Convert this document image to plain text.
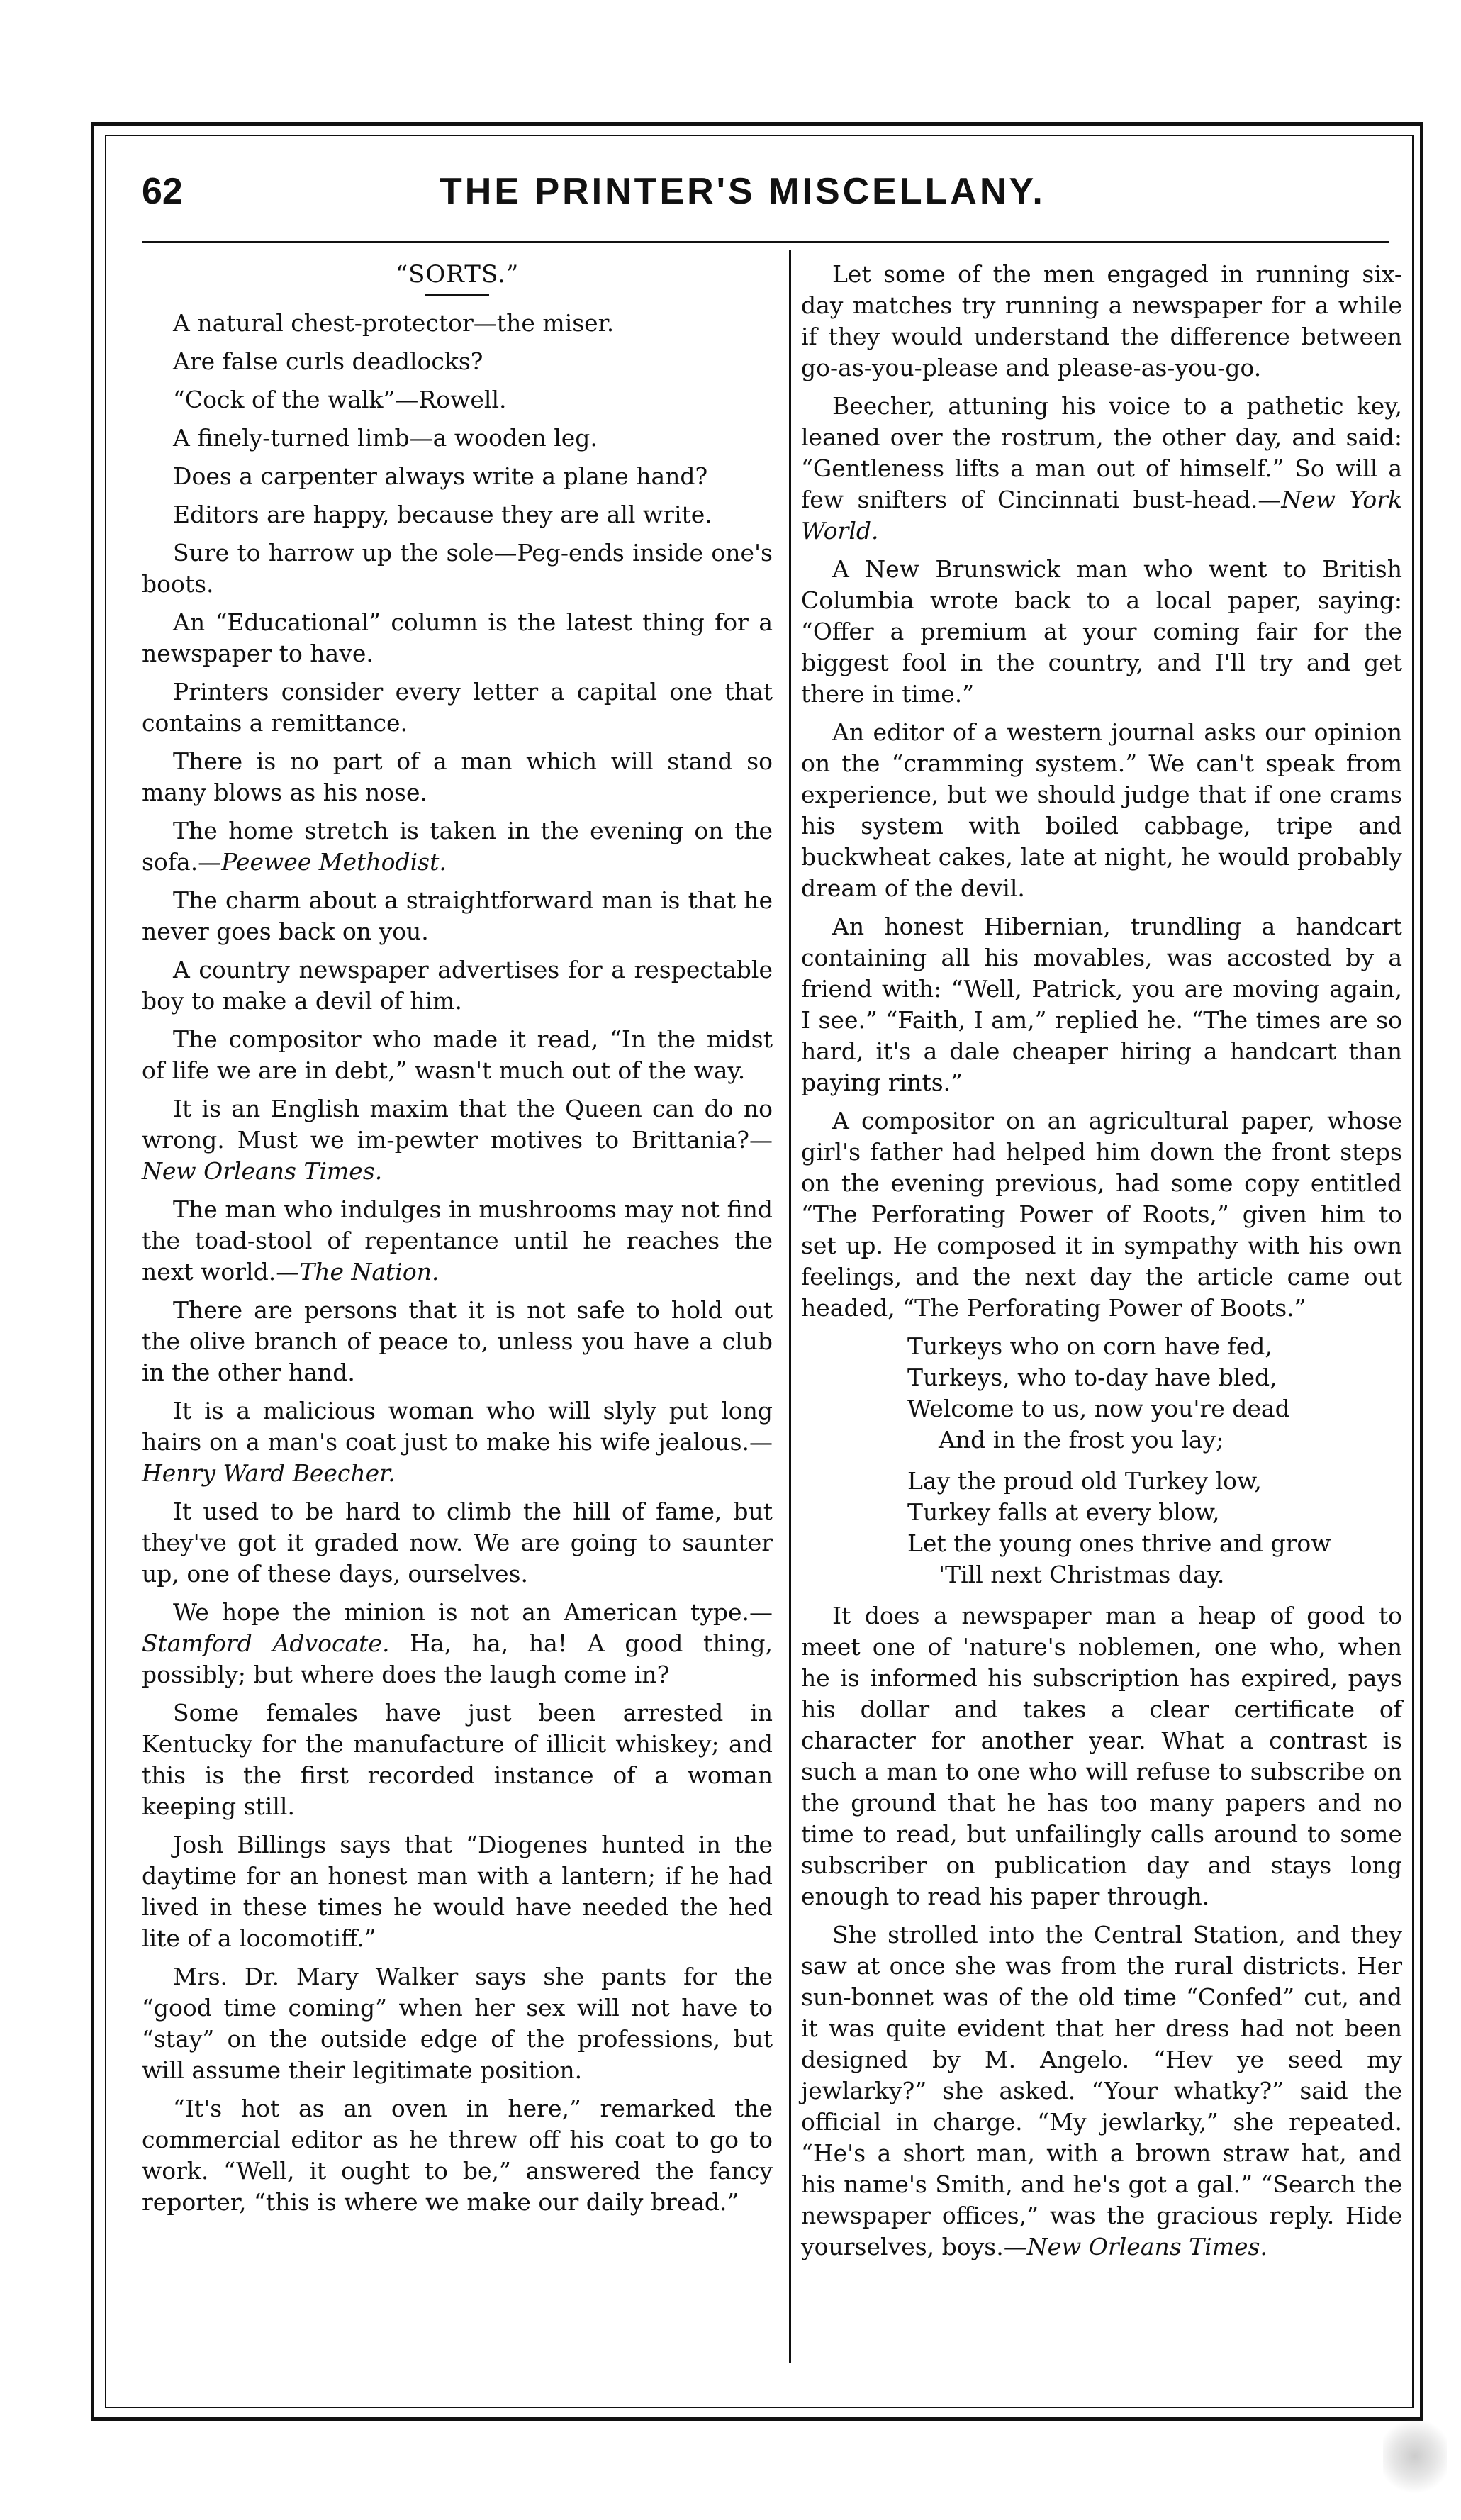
62	THE PRINTER'S MISCELLANY.
“SORTS.”

A natural chest-protector—the miser.

Are false curls deadlocks?

“Cock of the walk”—Rowell.

A finely-turned limb—a wooden leg.

Does a carpenter always write a plane hand?

Editors are happy, because they are all write.

Sure to harrow up the sole—Peg-ends inside one's boots.

An “Educational” column is the latest thing for a newspaper to have.

Printers consider every letter a capital one that contains a remittance.

There is no part of a man which will stand so many blows as his nose.

The home stretch is taken in the evening on the sofa.—Peewee Methodist.

The charm about a straightforward man is that he never goes back on you.

A country newspaper advertises for a respectable boy to make a devil of him.

The compositor who made it read, “In the midst of life we are in debt,” wasn't much out of the way.

It is an English maxim that the Queen can do no wrong. Must we im-pewter motives to Brittania?—New Orleans Times.

The man who indulges in mushrooms may not find the toad-stool of repentance until he reaches the next world.—The Nation.

There are persons that it is not safe to hold out the olive branch of peace to, unless you have a club in the other hand.

It is a malicious woman who will slyly put long hairs on a man's coat just to make his wife jealous.—Henry Ward Beecher.

It used to be hard to climb the hill of fame, but they've got it graded now. We are going to saunter up, one of these days, ourselves.

We hope the minion is not an American type.—Stamford Advocate. Ha, ha, ha! A good thing, possibly; but where does the laugh come in?

Some females have just been arrested in Kentucky for the manufacture of illicit whiskey; and this is the first recorded instance of a woman keeping still.

Josh Billings says that “Diogenes hunted in the daytime for an honest man with a lantern; if he had lived in these times he would have needed the hed lite of a locomotiff.”

Mrs. Dr. Mary Walker says she pants for the “good time coming” when her sex will not have to “stay” on the outside edge of the professions, but will assume their legitimate position.

“It's hot as an oven in here,” remarked the commercial editor as he threw off his coat to go to work. “Well, it ought to be,” answered the fancy reporter, “this is where we make our daily bread.”

Let some of the men engaged in running six-day matches try running a newspaper for a while if they would understand the difference between go-as-you-please and please-as-you-go.

Beecher, attuning his voice to a pathetic key, leaned over the rostrum, the other day, and said: “Gentleness lifts a man out of himself.” So will a few snifters of Cincinnati bust-head.—New York World.

A New Brunswick man who went to British Columbia wrote back to a local paper, saying: “Offer a premium at your coming fair for the biggest fool in the country, and I'll try and get there in time.”

An editor of a western journal asks our opinion on the “cramming system.” We can't speak from experience, but we should judge that if one crams his system with boiled cabbage, tripe and buckwheat cakes, late at night, he would probably dream of the devil.

An honest Hibernian, trundling a handcart containing all his movables, was accosted by a friend with: “Well, Patrick, you are moving again, I see.” “Faith, I am,” replied he. “The times are so hard, it's a dale cheaper hiring a handcart than paying rints.”

A compositor on an agricultural paper, whose girl's father had helped him down the front steps on the evening previous, had some copy entitled “The Perforating Power of Roots,” given him to set up. He composed it in sympathy with his own feelings, and the next day the article came out headed, “The Perforating Power of Boots.”

Turkeys who on corn have fed,
Turkeys, who to-day have bled,
Welcome to us, now you're dead
And in the frost you lay;
Lay the proud old Turkey low,
Turkey falls at every blow,
Let the young ones thrive and grow
'Till next Christmas day.

It does a newspaper man a heap of good to meet one of 'nature's noblemen, one who, when he is informed his subscription has expired, pays his dollar and takes a clear certificate of character for another year. What a contrast is such a man to one who will refuse to subscribe on the ground that he has too many papers and no time to read, but unfailingly calls around to some subscriber on publication day and stays long enough to read his paper through.

She strolled into the Central Station, and they saw at once she was from the rural districts. Her sun-bonnet was of the old time “Confed” cut, and it was quite evident that her dress had not been designed by M. Angelo. “Hev ye seed my jewlarky?” she asked. “Your whatky?” said the official in charge. “My jewlarky,” she repeated. “He's a short man, with a brown straw hat, and his name's Smith, and he's got a gal.” “Search the newspaper offices,” was the gracious reply. Hide yourselves, boys.—New Orleans Times.
